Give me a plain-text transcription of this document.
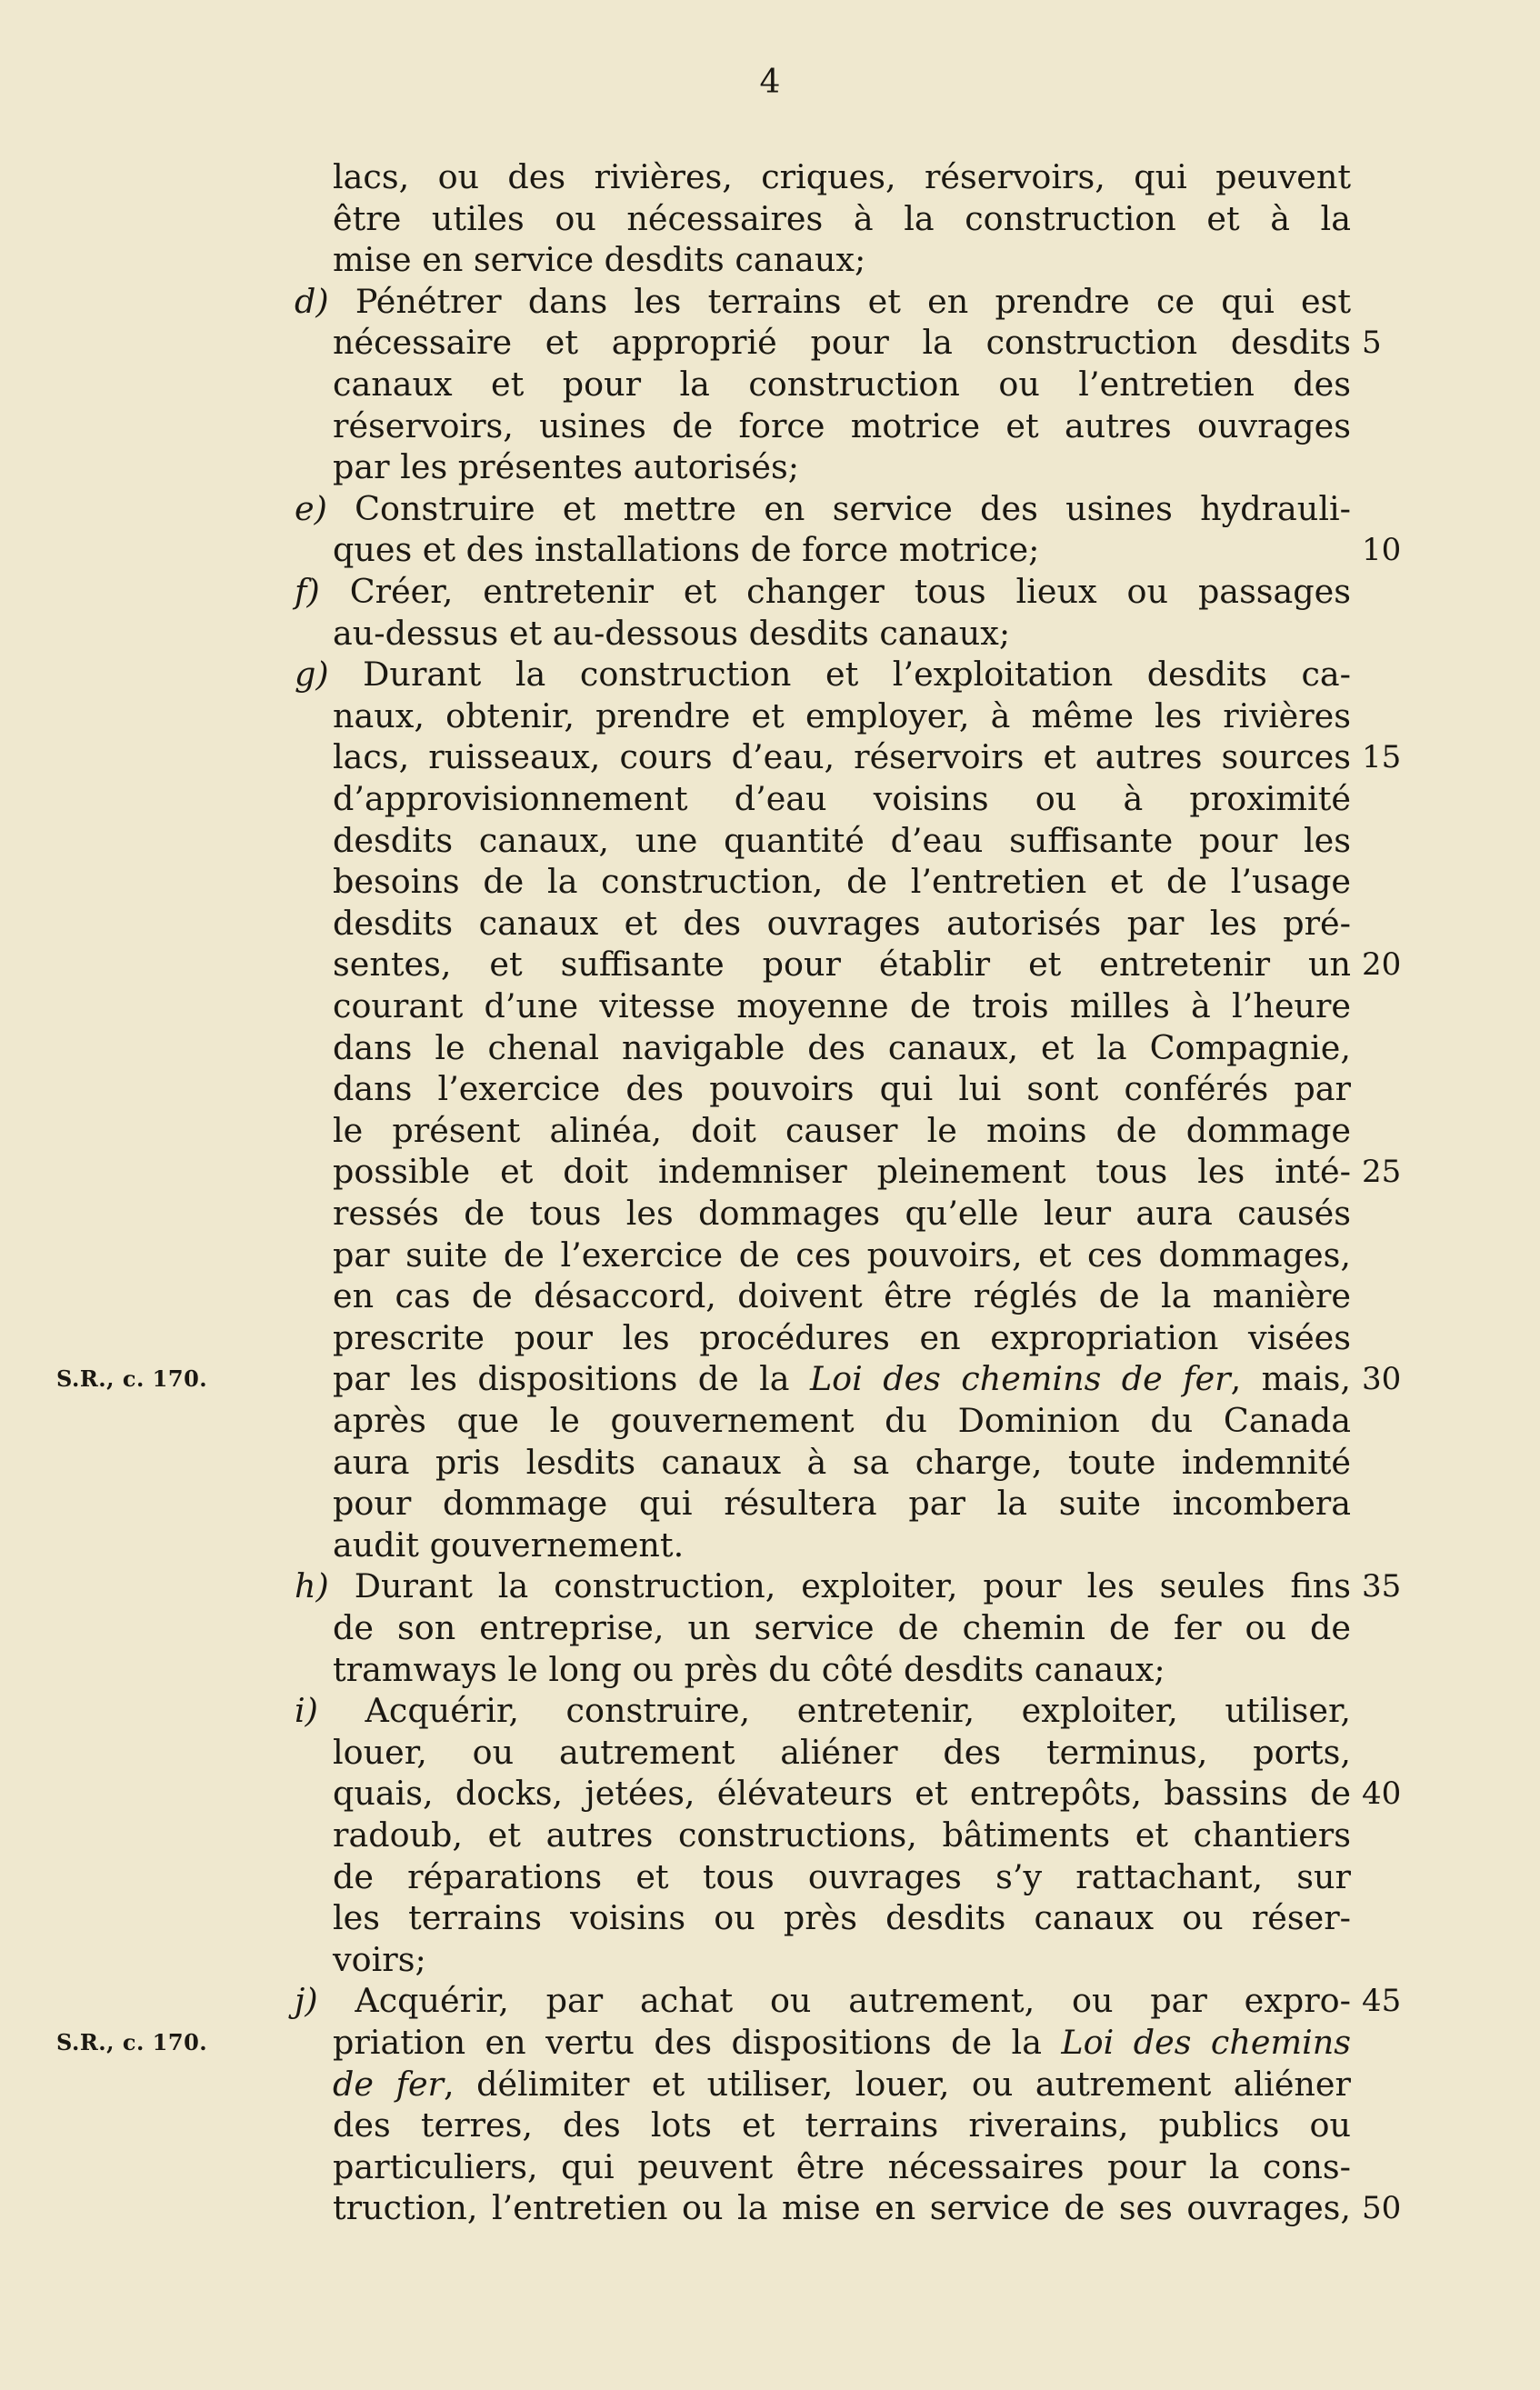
4
lacs, ou des rivières, criques, réservoirs, qui peuvent
être utiles ou nécessaires à la construction et à la
mise en service desdits canaux;
d) Pénétrer dans les terrains et en prendre ce qui est
nécessaire et approprié pour la construction desdits 5
canaux et pour la construction ou l’entretien des
réservoirs, usines de force motrice et autres ouvrages
par les présentes autorisés;
e) Construire et mettre en service des usines hydrauli-
ques et des installations de force motrice;	10
f) Créer, entretenir et changer tous lieux ou passages
au-dessus et au-dessous desdits canaux;
g) Durant la construction et l’exploitation desdits ca-
naux, obtenir, prendre et employer, à même les rivières
lacs, ruisseaux, cours d’eau, réservoirs et autres sources 15
d’approvisionnement d’eau voisins ou à proximité
desdits canaux, une quantité d’eau suffisante pour les
besoins de la construction, de l’entretien et de l’usage
desdits canaux et des ouvrages autorisés par les pré-
sentes, et suffisante pour établir et entretenir un 20
courant d’une vitesse moyenne de trois milles à l’heure
dans le chenal navigable des canaux, et la Compagnie,
dans l’exercice des pouvoirs qui lui sont conférés par
le présent alinéa, doit causer le moins de dommage
possible et doit indemniser pleinement tous les inté- 25
ressés de tous les dommages qu’elle leur aura causés
par suite de l’exercice de ces pouvoirs, et ces dommages,
en cas de désaccord, doivent être réglés de la manière
prescrite pour les procédures en expropriation visées
par les dispositions de la Loi des chemins de fer, mais, 30
après que le gouvernement du Dominion du Canada
aura pris lesdits canaux à sa charge, toute indemnité
pour dommage qui résultera par la suite incombera
audit gouvernement.
h) Durant la construction, exploiter, pour les seules fins 35
de son entreprise, un service de chemin de fer ou de
tramways le long ou près du côté desdits canaux;
i) Acquérir, construire, entretenir, exploiter, utiliser,
louer, ou autrement aliéner des terminus, ports,
quais, docks, jetées, élévateurs et entrepôts, bassins de 40
radoub, et autres constructions, bâtiments et chantiers
de réparations et tous ouvrages s’y rattachant, sur
les terrains voisins ou près desdits canaux ou réser-
voirs;
j) Acquérir, par achat ou autrement, ou par expro- 45
priation en vertu des dispositions de la Loi des chemins
de fer, délimiter et utiliser, louer, ou autrement aliéner
des terres, des lots et terrains riverains, publics ou
particuliers, qui peuvent être nécessaires pour la cons-
truction, l’entretien ou la mise en service de ses ouvrages, 50
S.R., c. 170.
S.R., c. 170.
